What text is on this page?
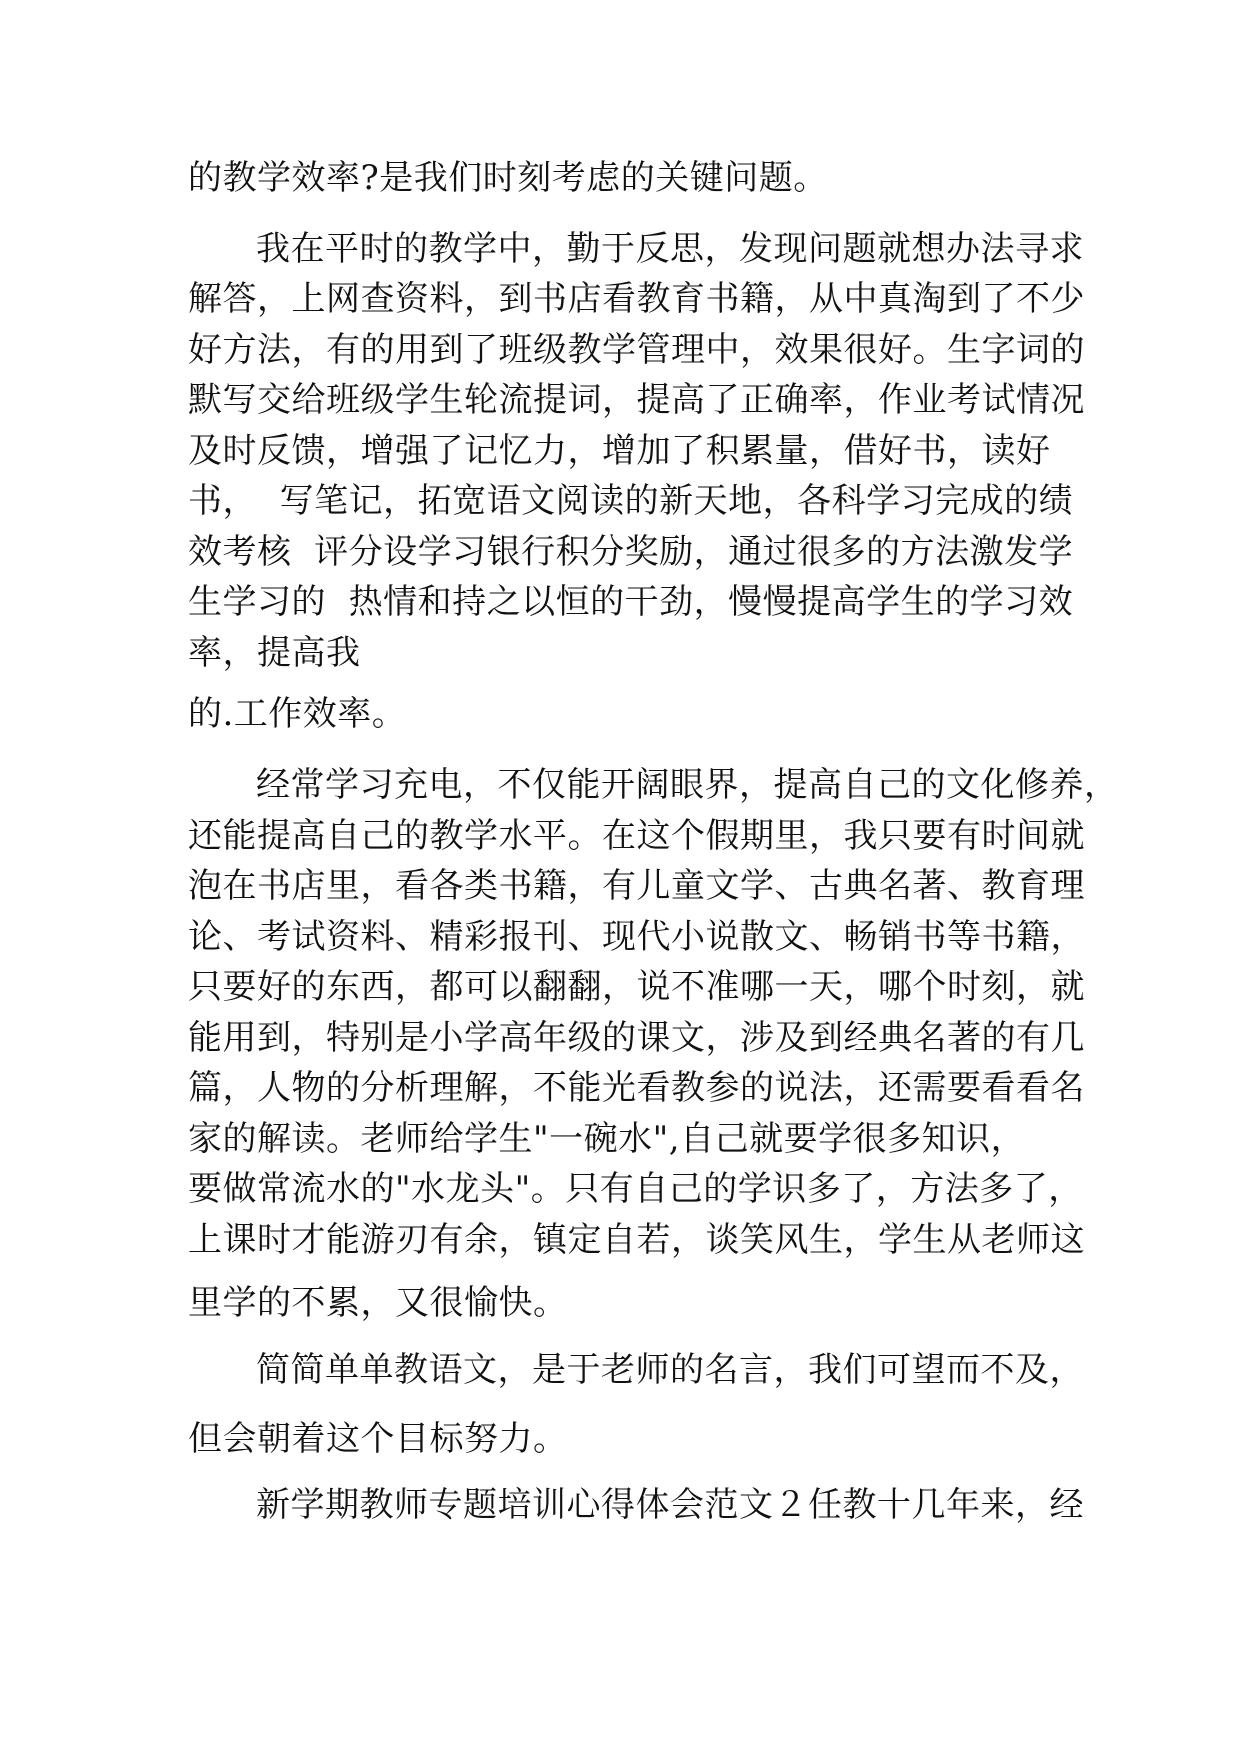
的教学效率?是我们时刻考虑的关键问题。
我在平时的教学中，勤于反思，发现问题就想办法寻求
解答，上网查资料，到书店看教育书籍，从中真淘到了不少
好方法，有的用到了班级教学管理中，效果很好。生字词的
默写交给班级学生轮流提词，提高了正确率，作业考试情况
及时反馈，增强了记忆力，增加了积累量，借好书，读好
书，  写笔记，拓宽语文阅读的新天地，各科学习完成的绩
效考核  评分设学习银行积分奖励，通过很多的方法激发学
生学习的  热情和持之以恒的干劲，慢慢提高学生的学习效
率，提高我
的.工作效率。
经常学习充电，不仅能开阔眼界，提高自己的文化修养，
还能提高自己的教学水平。在这个假期里，我只要有时间就
泡在书店里，看各类书籍，有儿童文学、古典名著、教育理
论、考试资料、精彩报刊、现代小说散文、畅销书等书籍，
只要好的东西，都可以翻翻，说不准哪一天，哪个时刻，就
能用到，特别是小学高年级的课文，涉及到经典名著的有几
篇，人物的分析理解，不能光看教参的说法，还需要看看名
家的解读。老师给学生"一碗水",自己就要学很多知识，
要做常流水的"水龙头"。只有自己的学识多了，方法多了，
上课时才能游刃有余，镇定自若，谈笑风生，学生从老师这
里学的不累，又很愉快。
简简单单教语文，是于老师的名言，我们可望而不及，
但会朝着这个目标努力。
新学期教师专题培训心得体会范文２任教十几年来，经
